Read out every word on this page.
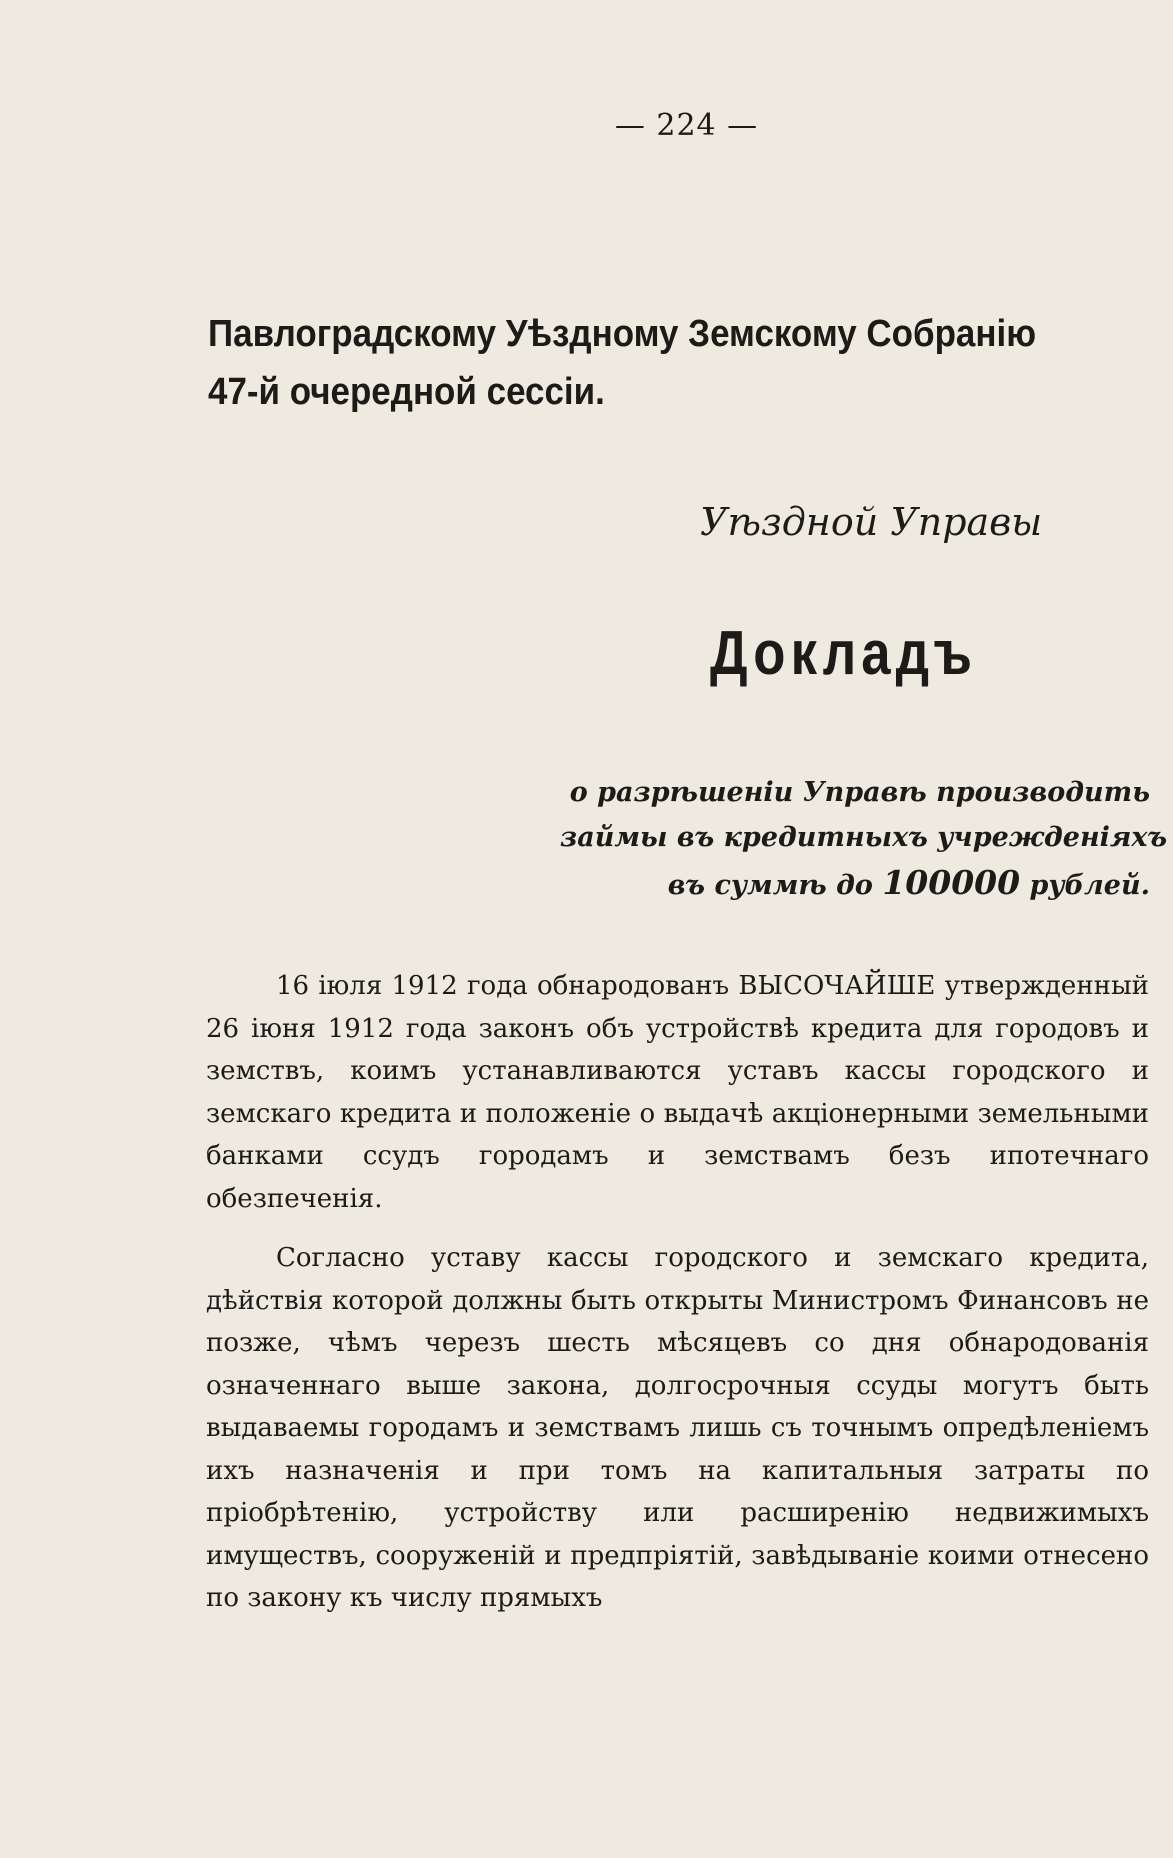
— 224 —
Павлоградскому Уѣздному Земскому Собранію
47-й очередной сессіи.
Уѣздной Управы
Докладъ
о разрѣшеніи Управѣ производить
займы въ кредитныхъ учрежденіяхъ
въ суммѣ до 100000 рублей.

16 іюля 1912 года обнародованъ ВЫСОЧАЙШЕ утвержденный 26 іюня 1912 года законъ объ устройствѣ кредита для городовъ и земствъ, коимъ устанавливаются уставъ кассы городского и земскаго кредита и положеніе о выдачѣ акціонерными земельными банками ссудъ городамъ и земствамъ безъ ипотечнаго обезпеченія.

Согласно уставу кассы городского и земскаго кредита, дѣйствія которой должны быть открыты Министромъ Финансовъ не позже, чѣмъ черезъ шесть мѣсяцевъ со дня обнародованія означеннаго выше закона, долгосрочныя ссуды могутъ быть выдаваемы городамъ и земствамъ лишь съ точнымъ опредѣленіемъ ихъ назначенія и при томъ на капитальныя затраты по пріобрѣтенію, устройству или расширенію недвижимыхъ имуществъ, сооруженій и предпріятій, завѣдываніе коими отнесено по закону къ числу прямыхъ
